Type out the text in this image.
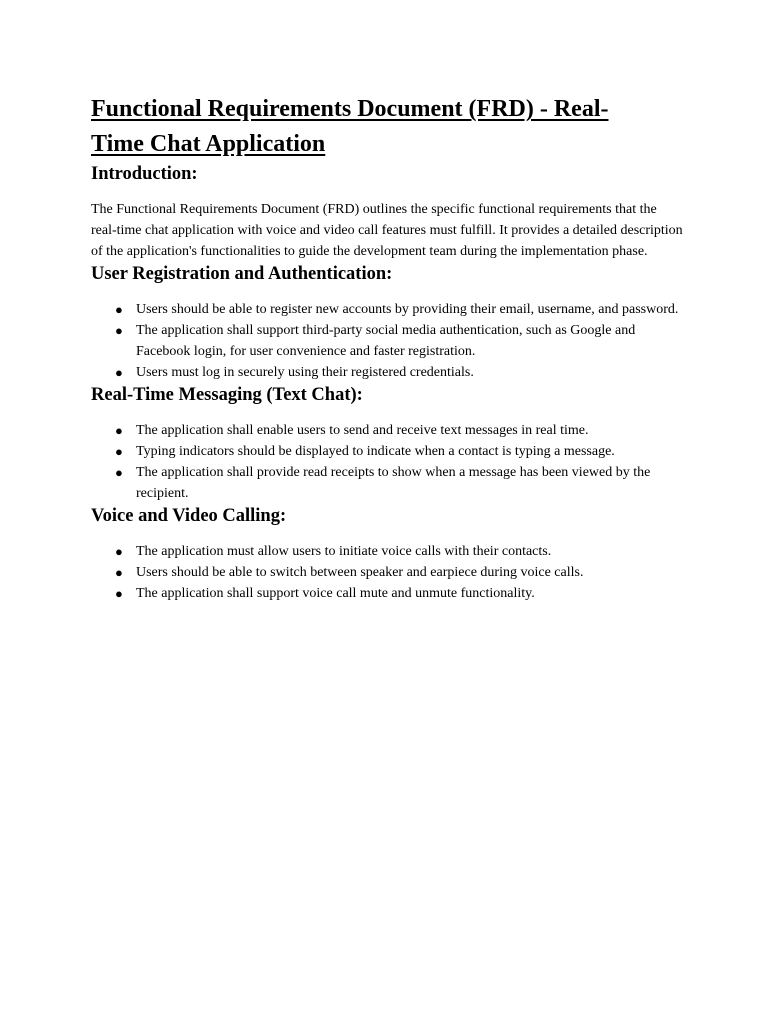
Functional Requirements Document (FRD) - Real-Time Chat Application
Introduction:

The Functional Requirements Document (FRD) outlines the specific functional requirements that the real-time chat application with voice and video call features must fulfill. It provides a detailed description of the application's functionalities to guide the development team during the implementation phase.

User Registration and Authentication:
● Users should be able to register new accounts by providing their email, username, and password.
● The application shall support third-party social media authentication, such as Google and Facebook login, for user convenience and faster registration.
● Users must log in securely using their registered credentials.
Real-Time Messaging (Text Chat):
● The application shall enable users to send and receive text messages in real time.
● Typing indicators should be displayed to indicate when a contact is typing a message.
● The application shall provide read receipts to show when a message has been viewed by the recipient.
Voice and Video Calling:
● The application must allow users to initiate voice calls with their contacts.
● Users should be able to switch between speaker and earpiece during voice calls.
● The application shall support voice call mute and unmute functionality.
